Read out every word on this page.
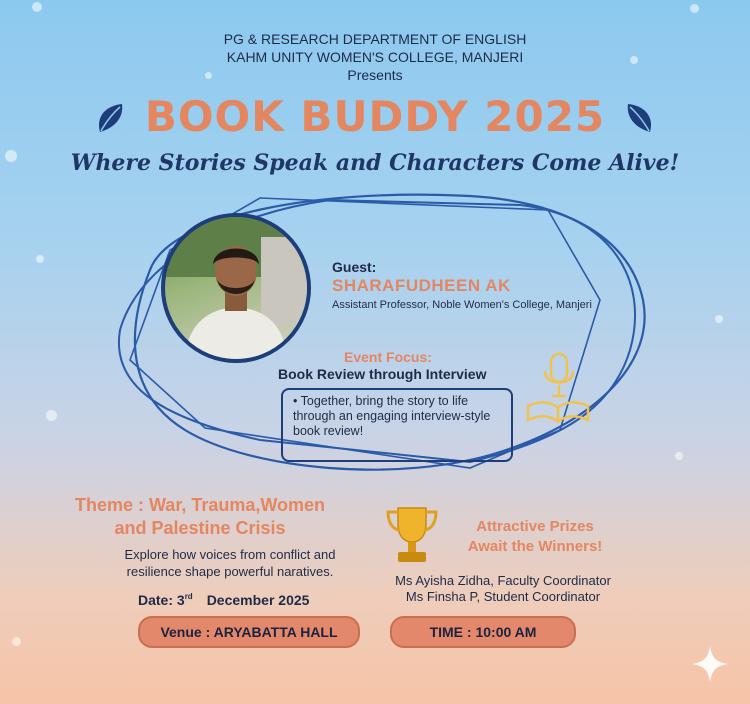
PG & RESEARCH DEPARTMENT OF ENGLISH
KAHM UNITY WOMEN'S COLLEGE, MANJERI
Presents
BOOK BUDDY 2025
Where Stories Speak and Characters Come Alive!
Guest:
SHARAFUDHEEN AK
Assistant Professor, Noble Women's College, Manjeri
Event Focus:
Book Review through Interview
• Together, bring the story to life through an engaging interview-style book review!
Theme : War, Trauma,Women
and Palestine Crisis
Explore how voices from conflict and resilience shape powerful naratives.
Date: 3rd December 2025
Attractive Prizes
Await the Winners!
Ms Ayisha Zidha, Faculty Coordinator
Ms Finsha P, Student Coordinator
Venue : ARYABATTA HALL	TIME : 10:00 AM
